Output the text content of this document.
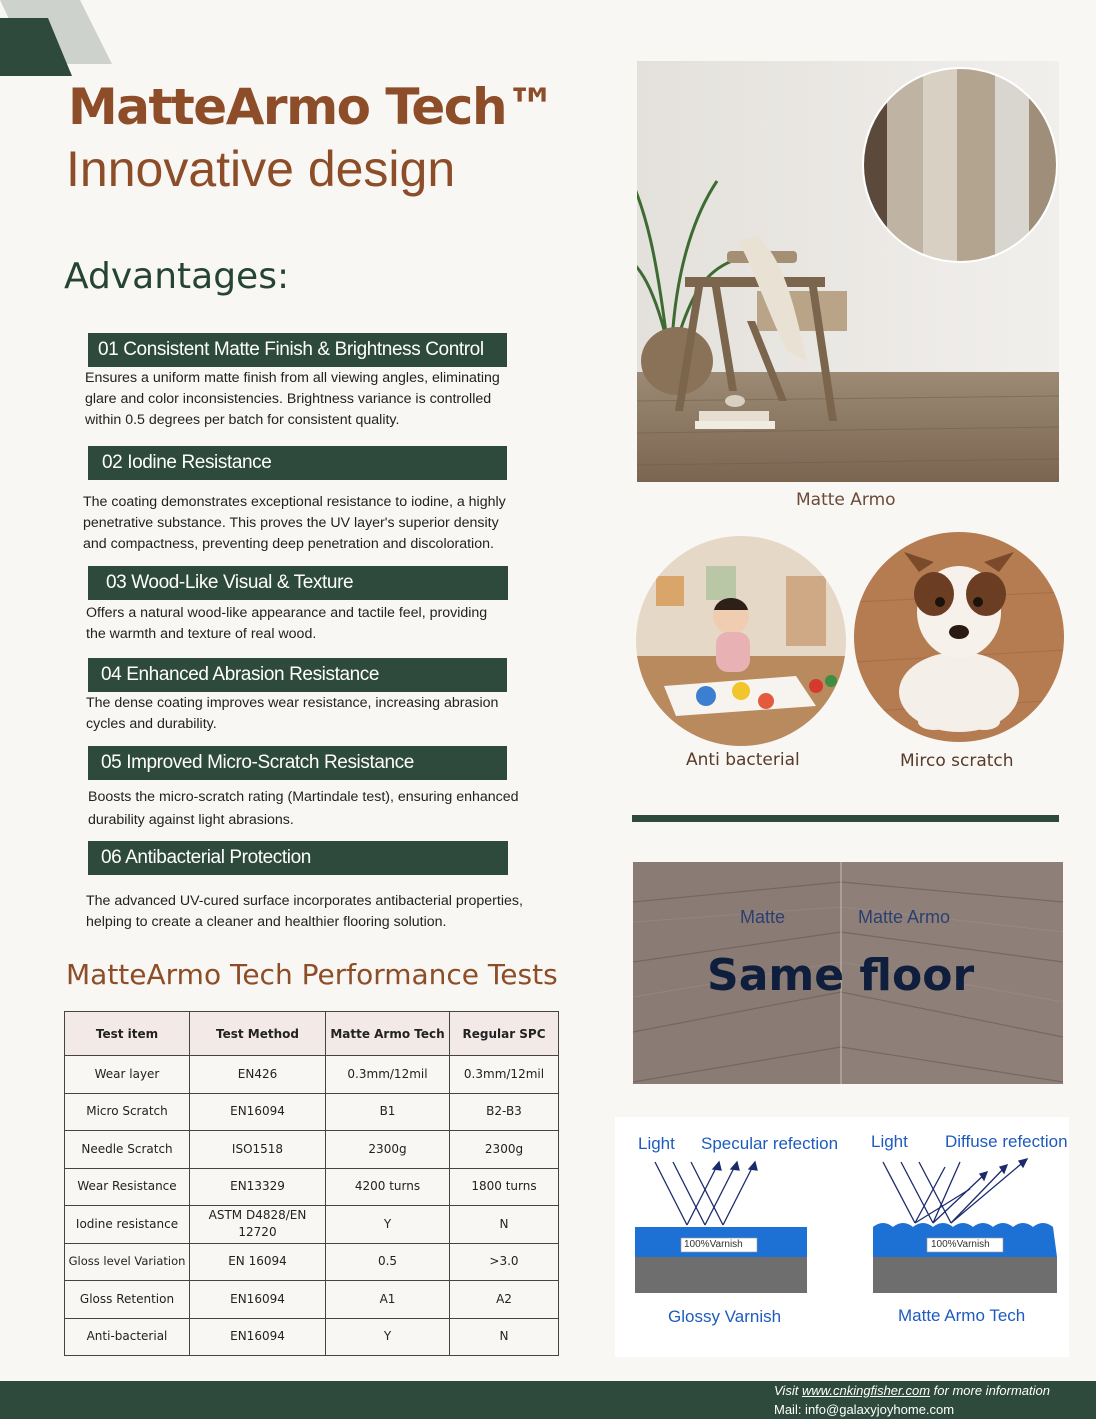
MatteArmo Tech™
Innovative design
Advantages:
01 Consistent Matte Finish & Brightness Control
Ensures a uniform matte finish from all viewing angles, eliminating glare and color inconsistencies. Brightness variance is controlled within 0.5 degrees per batch for consistent quality.
02 Iodine Resistance
The coating demonstrates exceptional resistance to iodine, a highly penetrative substance. This proves the UV layer's superior density and compactness, preventing deep penetration and discoloration.
03 Wood-Like Visual & Texture
Offers a natural wood-like appearance and tactile feel, providing the warmth and texture of real wood.
04 Enhanced Abrasion Resistance
The dense coating improves wear resistance, increasing abrasion cycles and durability.
05 Improved Micro-Scratch Resistance
Boosts the micro-scratch rating (Martindale test), ensuring enhanced durability against light abrasions.
06 Antibacterial Protection
The advanced UV-cured surface incorporates antibacterial properties, helping to create a cleaner and healthier flooring solution.
MatteArmo Tech Performance Tests
Test item	Test Method	Matte Armo Tech	Regular SPC
Wear layer	EN426	0.3mm/12mil	0.3mm/12mil
Micro Scratch	EN16094	B1	B2-B3
Needle Scratch	ISO1518	2300g	2300g
Wear Resistance	EN13329	4200 turns	1800 turns
Iodine resistance	ASTM D4828/EN 12720	Y	N
Gloss level Variation	EN 16094	0.5	>3.0
Gloss Retention	EN16094	A1	A2
Anti-bacterial	EN16094	Y	N
Matte Armo
Anti bacterial	Mirco scratch
Matte	Matte Armo
Same floor
Light Specular refection
100%Varnish
Glossy Varnish
Light Diffuse refection
100%Varnish
Matte Armo Tech
Visit www.cnkingfisher.com for more information
Mail: info@galaxyjoyhome.com
